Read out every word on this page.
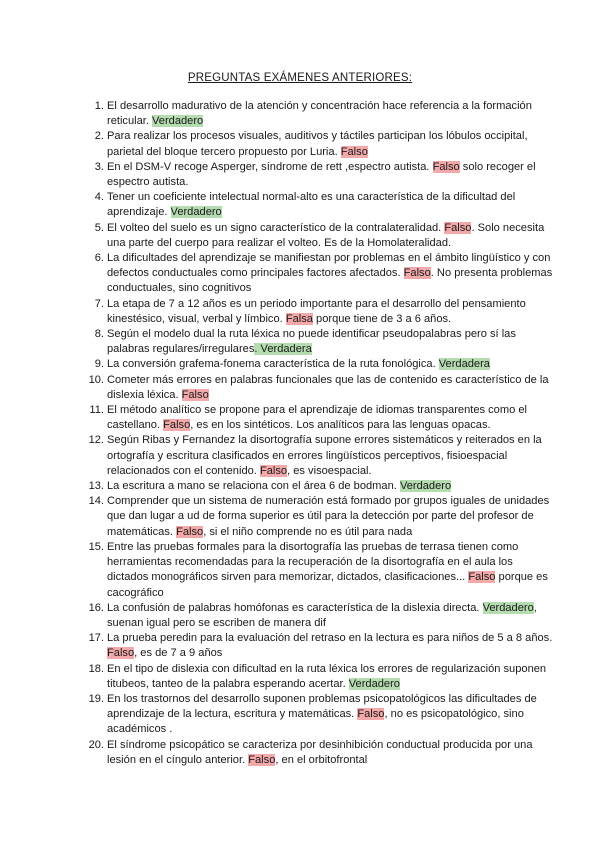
PREGUNTAS EXÁMENES ANTERIORES:
1. El desarrollo madurativo de la atención y concentración hace referencia a la formación reticular. Verdadero
2. Para realizar los procesos visuales, auditivos y táctiles participan los lóbulos occipital, parietal del bloque tercero propuesto por Luria. Falso
3. En el DSM-V recoge Asperger, síndrome de rett ,espectro autista. Falso solo recoger el espectro autista.
4. Tener un coeficiente intelectual normal-alto es una característica de la dificultad del aprendizaje. Verdadero
5. El volteo del suelo es un signo característico de la contralateralidad. Falso. Solo necesita una parte del cuerpo para realizar el volteo. Es de la Homolateralidad.
6. La dificultades del aprendizaje se manifiestan por problemas en el ámbito lingüístico y con defectos conductuales como principales factores afectados. Falso. No presenta problemas conductuales, sino cognitivos
7. La etapa de 7 a 12 años es un periodo importante para el desarrollo del pensamiento kinestésico, visual, verbal y límbico. Falsa porque tiene de 3 a 6 años.
8. Según el modelo dual la ruta léxica no puede identificar pseudopalabras pero sí las palabras regulares/irregulares. Verdadera
9. La conversión grafema-fonema característica de la ruta fonológica. Verdadera
10. Cometer más errores en palabras funcionales que las de contenido es característico de la dislexia léxica. Falso
11. El método analítico se propone para el aprendizaje de idiomas transparentes como el castellano. Falso, es en los sintéticos. Los analíticos para las lenguas opacas.
12. Según Ribas y Fernandez la disortografía supone errores sistemáticos y reiterados en la ortografía y escritura clasificados en errores lingüísticos perceptivos, fisioespacial relacionados con el contenido. Falso, es visoespacial.
13. La escritura a mano se relaciona con el área 6 de bodman. Verdadero
14. Comprender que un sistema de numeración está formado por grupos iguales de unidades que dan lugar a ud de forma superior es útil para la detección por parte del profesor de matemáticas. Falso, si el niño comprende no es útil para nada
15. Entre las pruebas formales para la disortografía las pruebas de terrasa tienen como herramientas recomendadas para la recuperación de la disortografía en el aula los dictados monográficos sirven para memorizar, dictados, clasificaciones... Falso porque es cacográfico
16. La confusión de palabras homófonas es característica de la dislexia directa. Verdadero, suenan igual pero se escriben de manera dif
17. La prueba peredin para la evaluación del retraso en la lectura es para niños de 5 a 8 años. Falso, es de 7 a 9 años
18. En el tipo de dislexia con dificultad en la ruta léxica los errores de regularización suponen titubeos, tanteo de la palabra esperando acertar. Verdadero
19. En los trastornos del desarrollo suponen problemas psicopatológicos las dificultades de aprendizaje de la lectura, escritura y matemáticas. Falso, no es psicopatológico, sino académicos .
20. El síndrome psicopático se caracteriza por desinhibición conductual producida por una lesión en el cíngulo anterior. Falso, en el orbitofrontal
